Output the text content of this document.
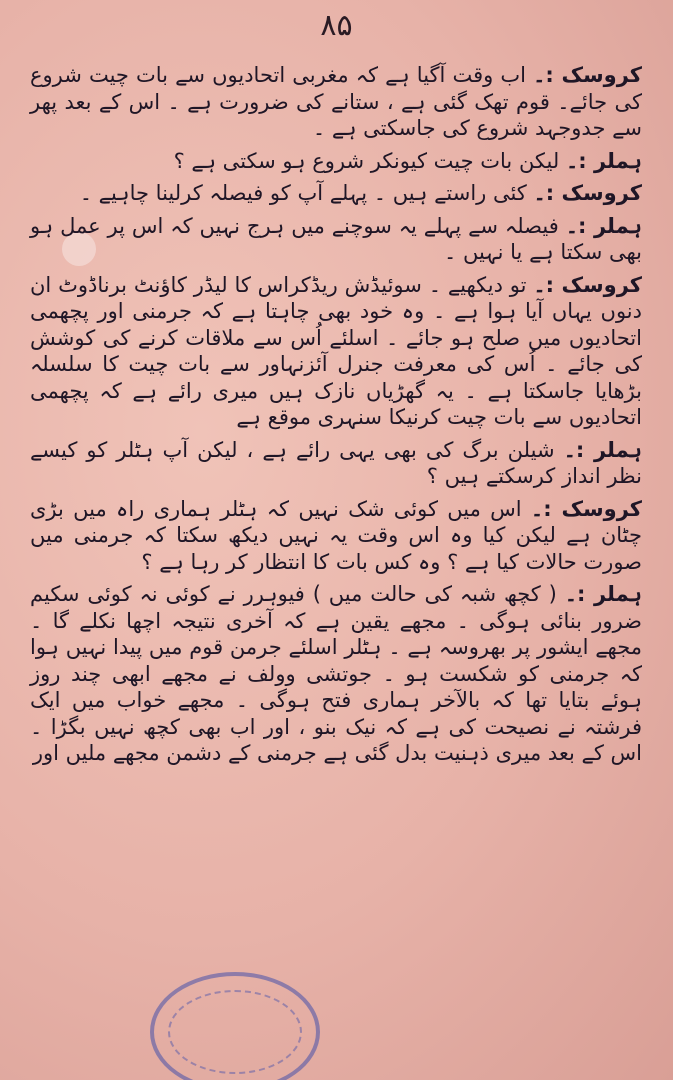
۸۵

کروسک :۔ اب وقت آگیا ہے کہ مغربی اتحادیوں سے بات چیت شروع کی جائے۔ قوم تھک گئی ہے ، ستانے کی ضرورت ہے ۔ اس کے بعد پھر سے جدوجہد شروع کی جاسکتی ہے ۔

ہملر :۔ لیکن بات چیت کیونکر شروع ہو سکتی ہے ؟

کروسک :۔ کئی راستے ہیں ۔ پہلے آپ کو فیصلہ کرلینا چاہیے ۔

ہملر :۔ فیصلہ سے پہلے یہ سوچنے میں ہرج نہیں کہ اس پر عمل ہو بھی سکتا ہے یا نہیں ۔

کروسک :۔ تو دیکھیے ۔ سوئیڈش ریڈکراس کا لیڈر کاؤنٹ برناڈوٹ ان دنوں یہاں آیا ہوا ہے ۔ وہ خود بھی چاہتا ہے کہ جرمنی اور پچھمی اتحادیوں میں صلح ہو جائے ۔ اسلئے اُس سے ملاقات کرنے کی کوشش کی جائے ۔ اُس کی معرفت جنرل آئزنہاور سے بات چیت کا سلسلہ بڑھایا جاسکتا ہے ۔ یہ گھڑیاں نازک ہیں میری رائے ہے کہ پچھمی اتحادیوں سے بات چیت کرنیکا سنہری موقع ہے

ہملر :۔ شیلن برگ کی بھی یہی رائے ہے ، لیکن آپ ہٹلر کو کیسے نظر انداز کرسکتے ہیں ؟

کروسک :۔ اس میں کوئی شک نہیں کہ ہٹلر ہماری راہ میں بڑی چٹان ہے لیکن کیا وہ اس وقت یہ نہیں دیکھ سکتا کہ جرمنی میں صورت حالات کیا ہے ؟ وہ کس بات کا انتظار کر رہا ہے ؟

ہملر :۔ ( کچھ شبہ کی حالت میں ) فیوہرر نے کوئی نہ کوئی سکیم ضرور بنائی ہوگی ۔ مجھے یقین ہے کہ آخری نتیجہ اچھا نکلے گا ۔ مجھے ایشور پر بھروسہ ہے ۔ ہٹلر اسلئے جرمن قوم میں پیدا نہیں ہوا کہ جرمنی کو شکست ہو ۔ جوتشی وولف نے مجھے ابھی چند روز ہوئے بتایا تھا کہ بالآخر ہماری فتح ہوگی ۔ مجھے خواب میں ایک فرشتہ نے نصیحت کی ہے کہ نیک بنو ، اور اب بھی کچھ نہیں بگڑا ۔ اس کے بعد میری ذہنیت بدل گئی ہے جرمنی کے دشمن مجھے ملیں اور
